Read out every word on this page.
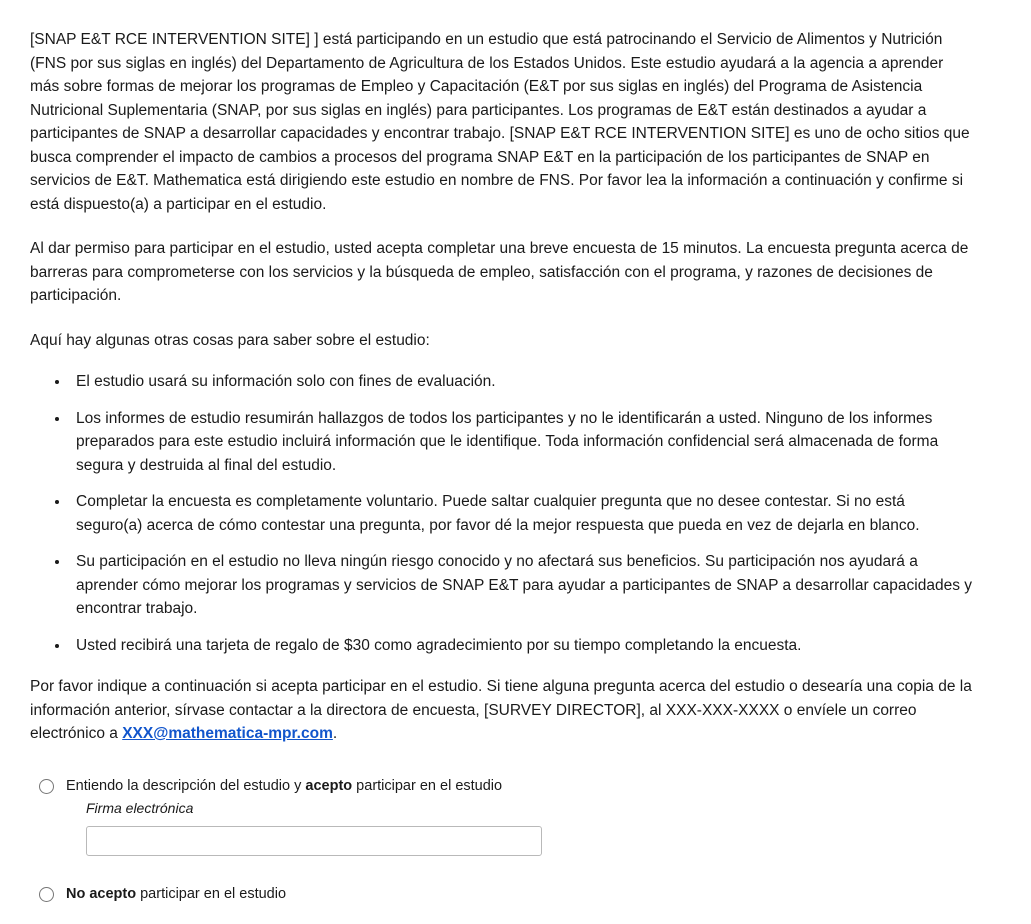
[SNAP E&T RCE INTERVENTION SITE] ] está participando en un estudio que está patrocinando el Servicio de Alimentos y Nutrición (FNS por sus siglas en inglés) del Departamento de Agricultura de los Estados Unidos. Este estudio ayudará a la agencia a aprender más sobre formas de mejorar los programas de Empleo y Capacitación (E&T por sus siglas en inglés) del Programa de Asistencia Nutricional Suplementaria (SNAP, por sus siglas en inglés) para participantes. Los programas de E&T están destinados a ayudar a participantes de SNAP a desarrollar capacidades y encontrar trabajo. [SNAP E&T RCE INTERVENTION SITE] es uno de ocho sitios que busca comprender el impacto de cambios a procesos del programa SNAP E&T en la participación de los participantes de SNAP en servicios de E&T. Mathematica está dirigiendo este estudio en nombre de FNS. Por favor lea la información a continuación y confirme si está dispuesto(a) a participar en el estudio.

Al dar permiso para participar en el estudio, usted acepta completar una breve encuesta de 15 minutos. La encuesta pregunta acerca de barreras para comprometerse con los servicios y la búsqueda de empleo, satisfacción con el programa, y razones de decisiones de participación.

Aquí hay algunas otras cosas para saber sobre el estudio:

• El estudio usará su información solo con fines de evaluación.
• Los informes de estudio resumirán hallazgos de todos los participantes y no le identificarán a usted. Ninguno de los informes preparados para este estudio incluirá información que le identifique. Toda información confidencial será almacenada de forma segura y destruida al final del estudio.
• Completar la encuesta es completamente voluntario. Puede saltar cualquier pregunta que no desee contestar. Si no está seguro(a) acerca de cómo contestar una pregunta, por favor dé la mejor respuesta que pueda en vez de dejarla en blanco.
• Su participación en el estudio no lleva ningún riesgo conocido y no afectará sus beneficios. Su participación nos ayudará a aprender cómo mejorar los programas y servicios de SNAP E&T para ayudar a participantes de SNAP a desarrollar capacidades y encontrar trabajo.
• Usted recibirá una tarjeta de regalo de $30 como agradecimiento por su tiempo completando la encuesta.

Por favor indique a continuación si acepta participar en el estudio. Si tiene alguna pregunta acerca del estudio o desearía una copia de la información anterior, sírvase contactar a la directora de encuesta, [SURVEY DIRECTOR], al XXX-XXX-XXXX o envíele un correo electrónico a XXX@mathematica-mpr.com.

Entiendo la descripción del estudio y acepto participar en el estudio
Firma electrónica
No acepto participar en el estudio
